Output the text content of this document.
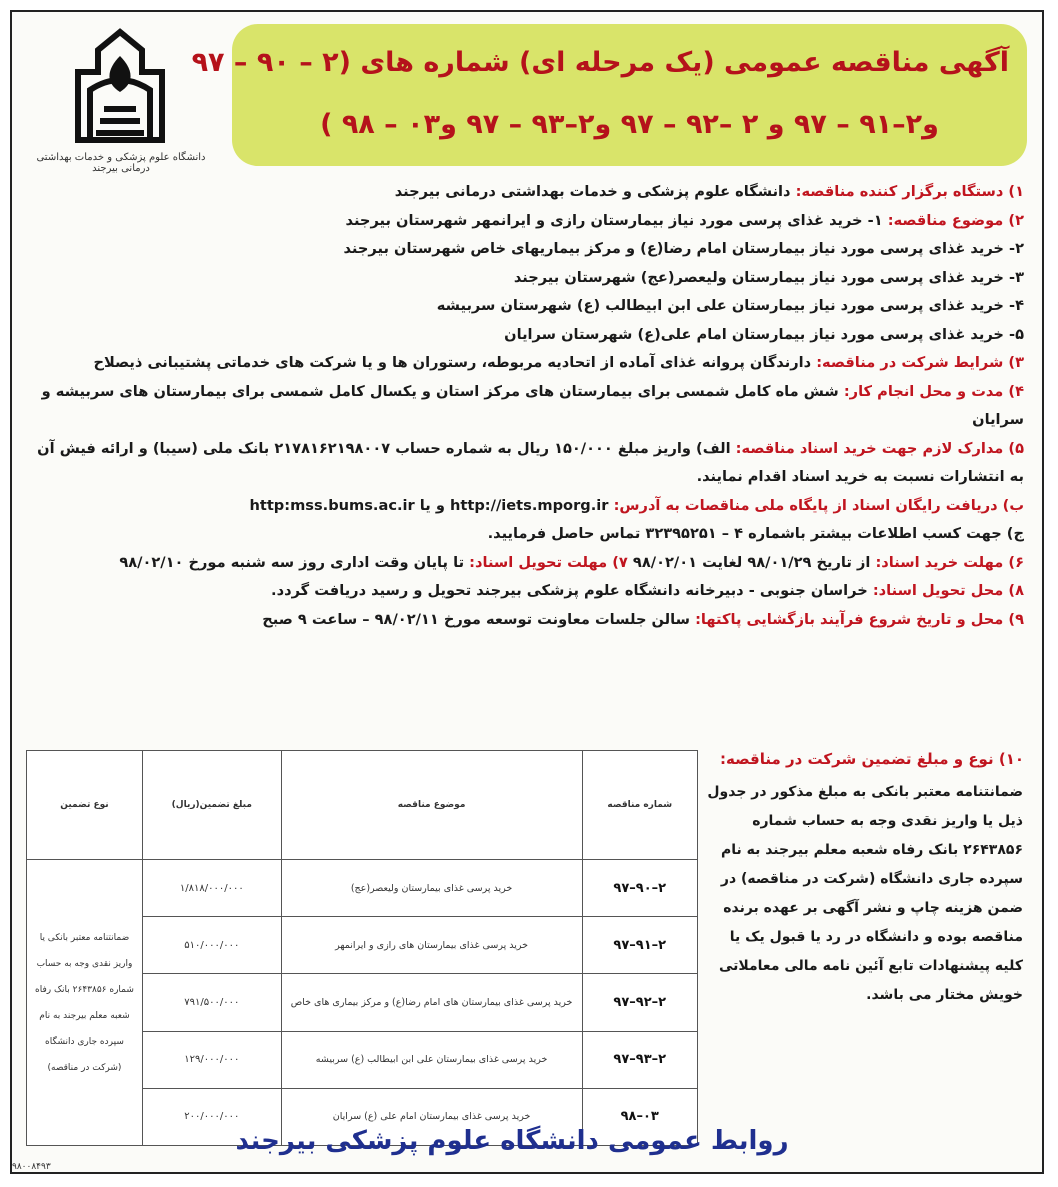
دانشگاه علوم پزشکی و خدمات بهداشتی درمانی بیرجند
آگهی مناقصه عمومی (یک مرحله ای) شماره های (۲ – ۹۰ – ۹۷
و۲–۹۱ – ۹۷ و ۲ –۹۲ – ۹۷ و۲–۹۳ – ۹۷ و۰۳ – ۹۸ )
۱) دستگاه برگزار کننده مناقصه: دانشگاه علوم پزشکی و خدمات بهداشتی درمانی بیرجند
۲) موضوع مناقصه: ۱- خرید غذای پرسی مورد نیاز بیمارستان رازی و ایرانمهر شهرستان بیرجند
۲- خرید غذای پرسی مورد نیاز بیمارستان امام رضا(ع) و مرکز بیماریهای خاص شهرستان بیرجند
۳- خرید غذای پرسی مورد نیاز بیمارستان ولیعصر(عج) شهرستان بیرجند
۴- خرید غذای پرسی مورد نیاز بیمارستان علی ابن ابیطالب (ع) شهرستان سربیشه
۵- خرید غذای پرسی مورد نیاز بیمارستان امام علی(ع) شهرستان سرایان
۳) شرایط شرکت در مناقصه: دارندگان پروانه غذای آماده از اتحادیه مربوطه، رستوران ها و یا شرکت های خدماتی پشتیبانی ذیصلاح
۴) مدت و محل انجام کار: شش ماه کامل شمسی برای بیمارستان های مرکز استان و یکسال کامل شمسی برای بیمارستان های سربیشه و سرایان
۵) مدارک لازم جهت خرید اسناد مناقصه: الف) واریز مبلغ ۱۵۰/۰۰۰ ریال به شماره حساب ۲۱۷۸۱۶۲۱۹۸۰۰۷ بانک ملی (سیبا) و ارائه فیش آن به انتشارات نسبت به خرید اسناد اقدام نمایند.
ب) دریافت رایگان اسناد از پایگاه ملی مناقصات به آدرس: http://iets.mporg.ir و یا http:mss.bums.ac.ir
ج) جهت کسب اطلاعات بیشتر باشماره ۴ – ۳۲۳۹۵۲۵۱ تماس حاصل فرمایید.
۶) مهلت خرید اسناد: از تاریخ ۹۸/۰۱/۲۹ لغایت ۹۸/۰۲/۰۱ ۷) مهلت تحویل اسناد: تا پایان وقت اداری روز سه شنبه مورخ ۹۸/۰۲/۱۰
۸) محل تحویل اسناد: خراسان جنوبی - دبیرخانه دانشگاه علوم پزشکی بیرجند تحویل و رسید دریافت گردد.
۹) محل و تاریخ شروع فرآیند بازگشایی پاکتها: سالن جلسات معاونت توسعه مورخ ۹۸/۰۲/۱۱ – ساعت ۹ صبح
۱۰) نوع و مبلغ تضمین شرکت در مناقصه:
ضمانتنامه معتبر بانکی به مبلغ مذکور در جدول ذیل یا واریز نقدی وجه به حساب شماره ۲۶۴۳۸۵۶ بانک رفاه شعبه معلم بیرجند به نام سپرده جاری دانشگاه (شرکت در مناقصه) در ضمن هزینه چاپ و نشر آگهی بر عهده برنده مناقصه بوده و دانشگاه در رد یا قبول یک یا کلیه پیشنهادات تابع آئین نامه مالی معاملاتی خویش مختار می باشد.
شماره مناقصه	موضوع مناقصه	مبلغ تضمین(ریال)	نوع تضمین
۲–۹۰–۹۷	خرید پرسی غذای بیمارستان ولیعصر(عج)	۱/۸۱۸/۰۰۰/۰۰۰	ضمانتنامه معتبر بانکی یا واریز نقدی وجه به حساب شماره ۲۶۴۳۸۵۶ بانک رفاه شعبه معلم بیرجند به نام سپرده جاری دانشگاه (شرکت در مناقصه)
۲–۹۱–۹۷	خرید پرسی غذای بیمارستان های رازی و ایرانمهر	۵۱۰/۰۰۰/۰۰۰	
۲–۹۲–۹۷	خرید پرسی غذای بیمارستان های امام رضا(ع) و مرکز بیماری های خاص	۷۹۱/۵۰۰/۰۰۰	
۲–۹۳–۹۷	خرید پرسی غذای بیمارستان علی ابن ابیطالب (ع) سربیشه	۱۲۹/۰۰۰/۰۰۰	
۰۳–۹۸	خرید پرسی غذای بیمارستان امام علی (ع) سرایان	۲۰۰/۰۰۰/۰۰۰	
روابط عمومی دانشگاه علوم پزشکی بیرجند
۹۸۰۰۸۴۹۳
